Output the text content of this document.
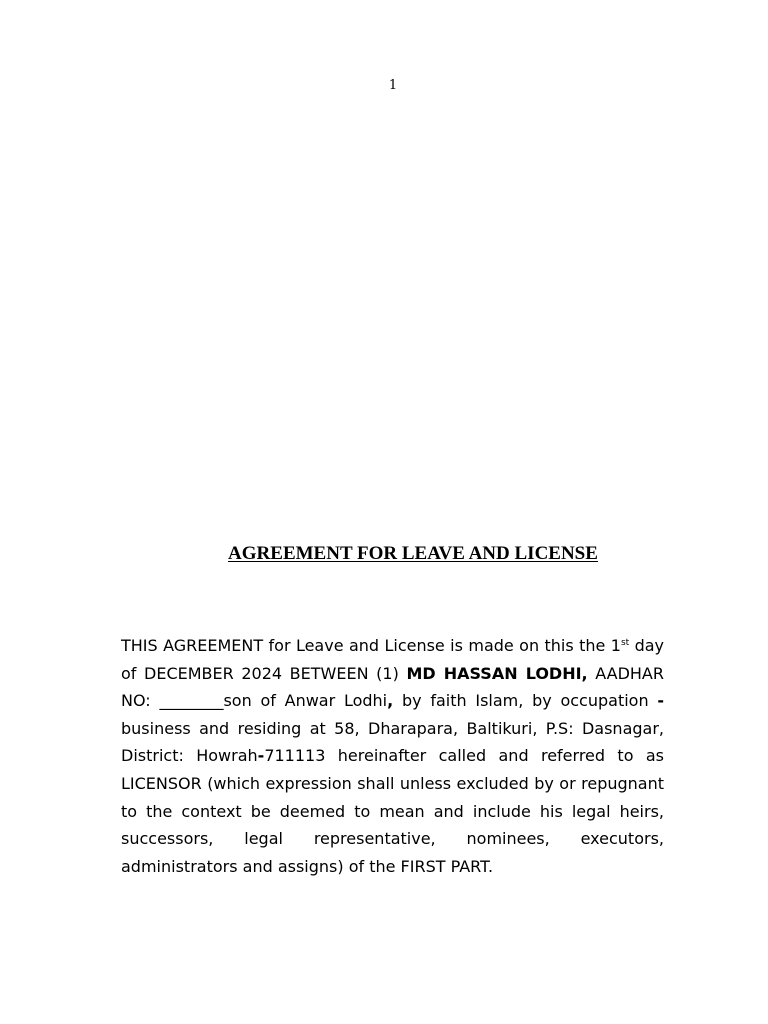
1
AGREEMENT FOR LEAVE AND LICENSE

THIS AGREEMENT for Leave and License is made on this the 1st day of DECEMBER 2024 BETWEEN (1) MD HASSAN LODHI, AADHAR NO: ________son of Anwar Lodhi, by faith Islam, by occupation -business and residing at 58, Dharapara, Baltikuri, P.S: Dasnagar, District: Howrah-711113 hereinafter called and referred to as LICENSOR (which expression shall unless excluded by or repugnant to the context be deemed to mean and include his legal heirs, successors, legal representative, nominees, executors, administrators and assigns) of the FIRST PART.
